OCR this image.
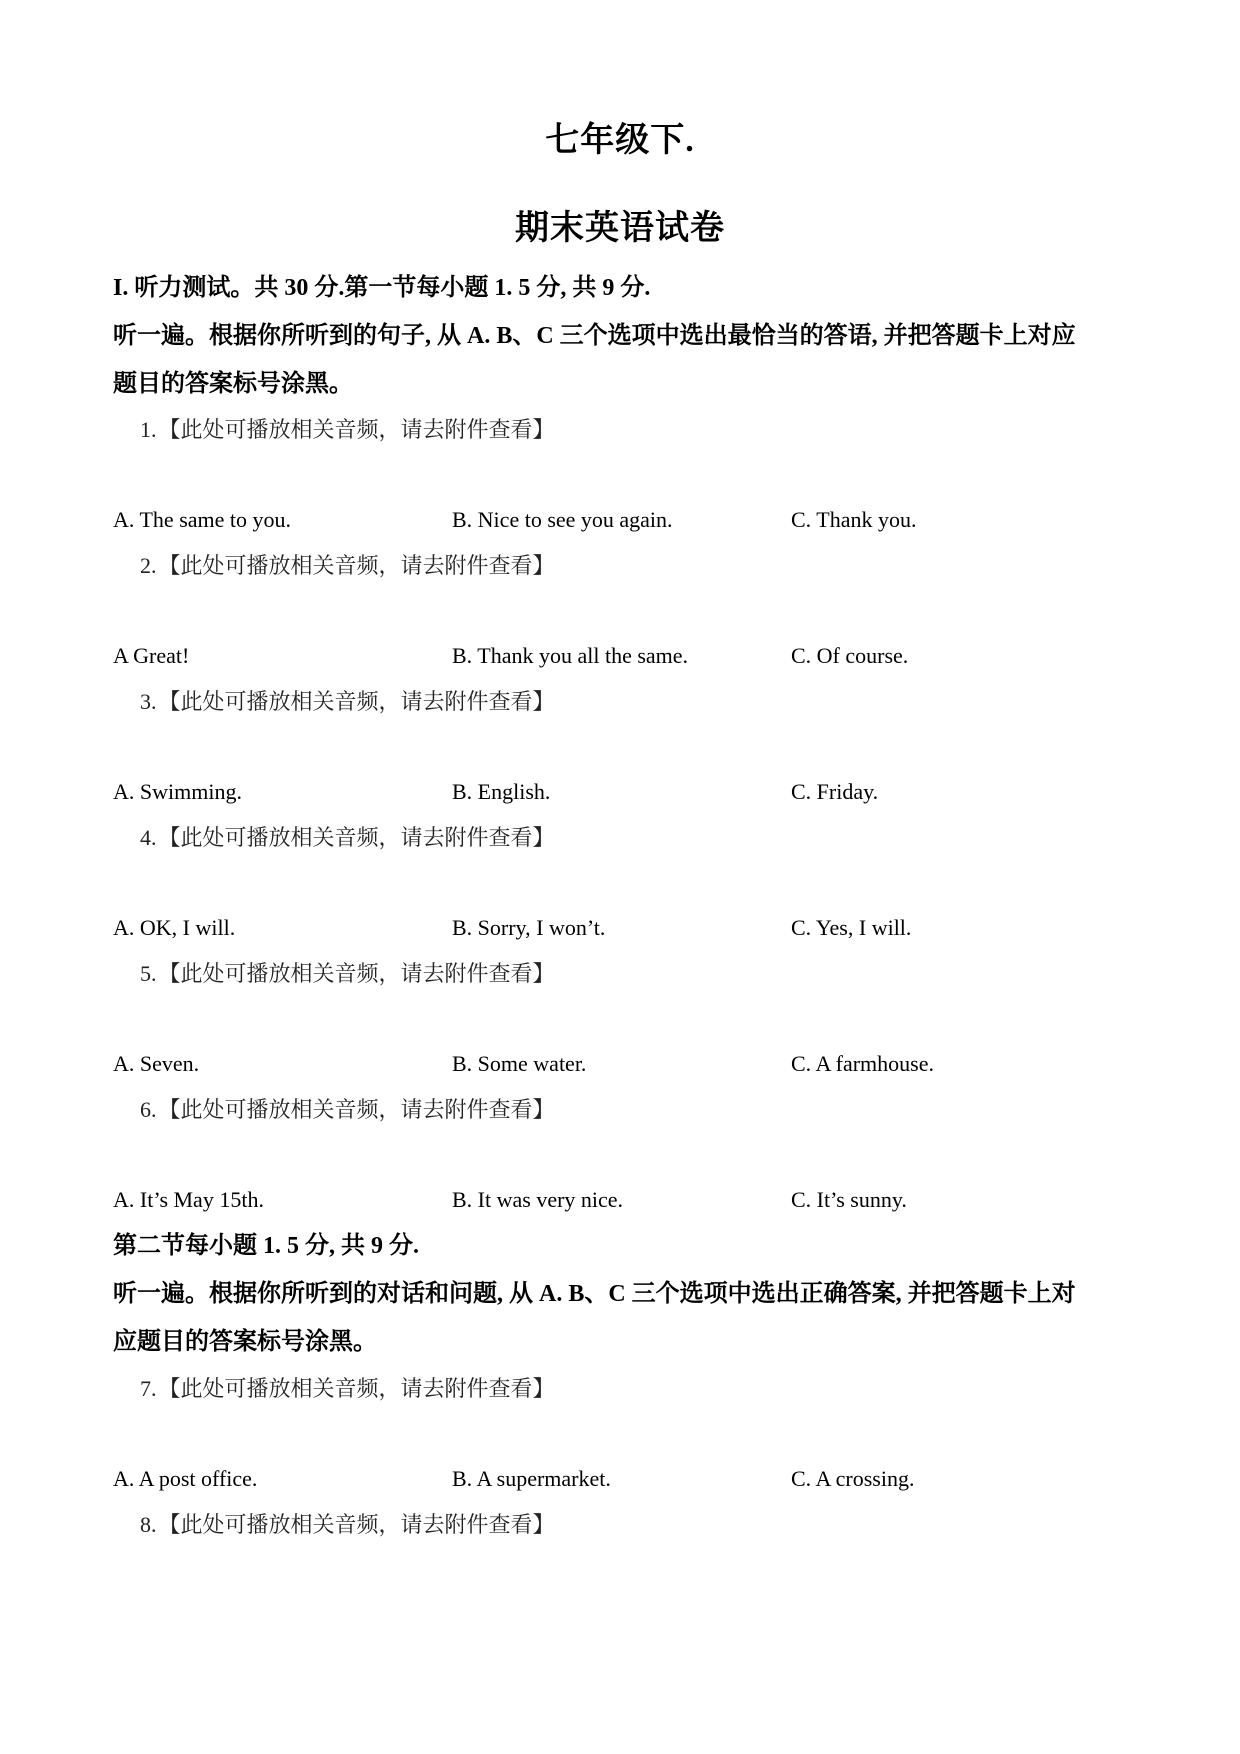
七年级下.
期末英语试卷
I. 听力测试。共 30 分.第一节每小题 1. 5 分, 共 9 分.
听一遍。根据你所听到的句子, 从 A. B、C 三个选项中选出最恰当的答语, 并把答题卡上对应
题目的答案标号涂黑。
1.【此处可播放相关音频，请去附件查看】
A. The same to you.	B. Nice to see you again.	C. Thank you.
2.【此处可播放相关音频，请去附件查看】
A Great!	B. Thank you all the same.	C. Of course.
3.【此处可播放相关音频，请去附件查看】
A. Swimming.	B. English.	C. Friday.
4.【此处可播放相关音频，请去附件查看】
A. OK, I will.	B. Sorry, I won’t.	C. Yes, I will.
5.【此处可播放相关音频，请去附件查看】
A. Seven.	B. Some water.	C. A farmhouse.
6.【此处可播放相关音频，请去附件查看】
A. It’s May 15th.	B. It was very nice.	C. It’s sunny.
第二节每小题 1. 5 分, 共 9 分.
听一遍。根据你所听到的对话和问题, 从 A. B、C 三个选项中选出正确答案, 并把答题卡上对
应题目的答案标号涂黑。
7.【此处可播放相关音频，请去附件查看】
A. A post office.	B. A supermarket.	C. A crossing.
8.【此处可播放相关音频，请去附件查看】
